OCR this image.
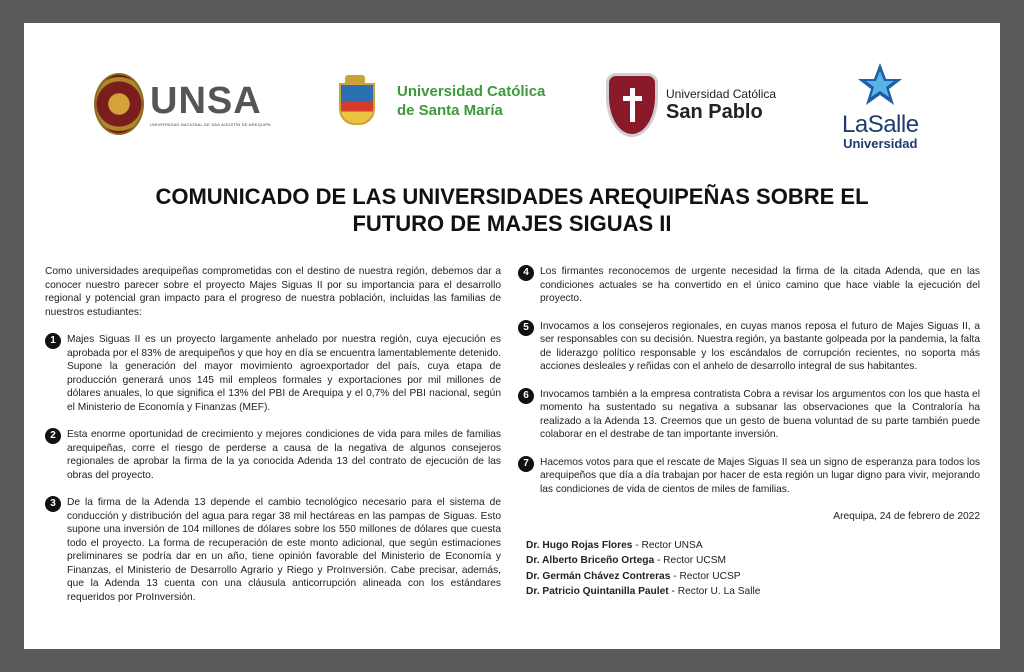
UNSA
UNIVERSIDAD NACIONAL DE SAN AGUSTÍN DE AREQUIPA
Universidad Católica
de Santa María
Universidad Católica
San Pablo	LaSalle
Universidad
COMUNICADO DE LAS UNIVERSIDADES AREQUIPEÑAS SOBRE EL
FUTURO DE MAJES SIGUAS II

Como universidades arequipeñas comprometidas con el destino de nuestra región, debemos dar a conocer nuestro parecer sobre el proyecto Majes Siguas II por su importancia para el desarrollo regional y potencial gran impacto para el progreso de nuestra población, incluidas las familias de nuestros estudiantes:

1	Majes Siguas II es un proyecto largamente anhelado por nuestra región, cuya ejecución es aprobada por el 83% de arequipeños y que hoy en día se encuentra lamentablemente detenido. Supone la generación del mayor movimiento agroexportador del país, cuya etapa de producción generará unos 145 mil empleos formales y exportaciones por mil millones de dólares anuales, lo que significa el 13% del PBI de Arequipa y el 0,7% del PBI nacional, según el Ministerio de Economía y Finanzas (MEF).
2	Esta enorme oportunidad de crecimiento y mejores condiciones de vida para miles de familias arequipeñas, corre el riesgo de perderse a causa de la negativa de algunos consejeros regionales de aprobar la firma de la ya conocida Adenda 13 del contrato de ejecución de las obras del proyecto.
3	De la firma de la Adenda 13 depende el cambio tecnológico necesario para el sistema de conducción y distribución del agua para regar 38 mil hectáreas en las pampas de Siguas. Esto supone una inversión de 104 millones de dólares sobre los 550 millones de dólares que cuesta todo el proyecto. La forma de recuperación de este monto adicional, que según estimaciones preliminares se podría dar en un año, tiene opinión favorable del Ministerio de Economía y Finanzas, el Ministerio de Desarrollo Agrario y Riego y ProInversión. Cabe precisar, además, que la Adenda 13 cuenta con una cláusula anticorrupción alineada con los estándares requeridos por ProInversión.
4	Los firmantes reconocemos de urgente necesidad la firma de la citada Adenda, que en las condiciones actuales se ha convertido en el único camino que hace viable la ejecución del proyecto.
5	Invocamos a los consejeros regionales, en cuyas manos reposa el futuro de Majes Siguas II, a ser responsables con su decisión. Nuestra región, ya bastante golpeada por la pandemia, la falta de liderazgo político responsable y los escándalos de corrupción recientes, no soporta más acciones desleales y reñidas con el anhelo de desarrollo integral de sus habitantes.
6	Invocamos también a la empresa contratista Cobra a revisar los argumentos con los que hasta el momento ha sustentado su negativa a subsanar las observaciones que la Contraloría ha realizado a la Adenda 13. Creemos que un gesto de buena voluntad de su parte también puede colaborar en el destrabe de tan importante inversión.
7	Hacemos votos para que el rescate de Majes Siguas II sea un signo de esperanza para todos los arequipeños que día a día trabajan por hacer de esta región un lugar digno para vivir, mejorando las condiciones de vida de cientos de miles de familias.
Arequipa, 24 de febrero de 2022
Dr. Hugo Rojas Flores - Rector UNSA
Dr. Alberto Briceño Ortega - Rector UCSM
Dr. Germán Chávez Contreras - Rector UCSP
Dr. Patricio Quintanilla Paulet - Rector U. La Salle
